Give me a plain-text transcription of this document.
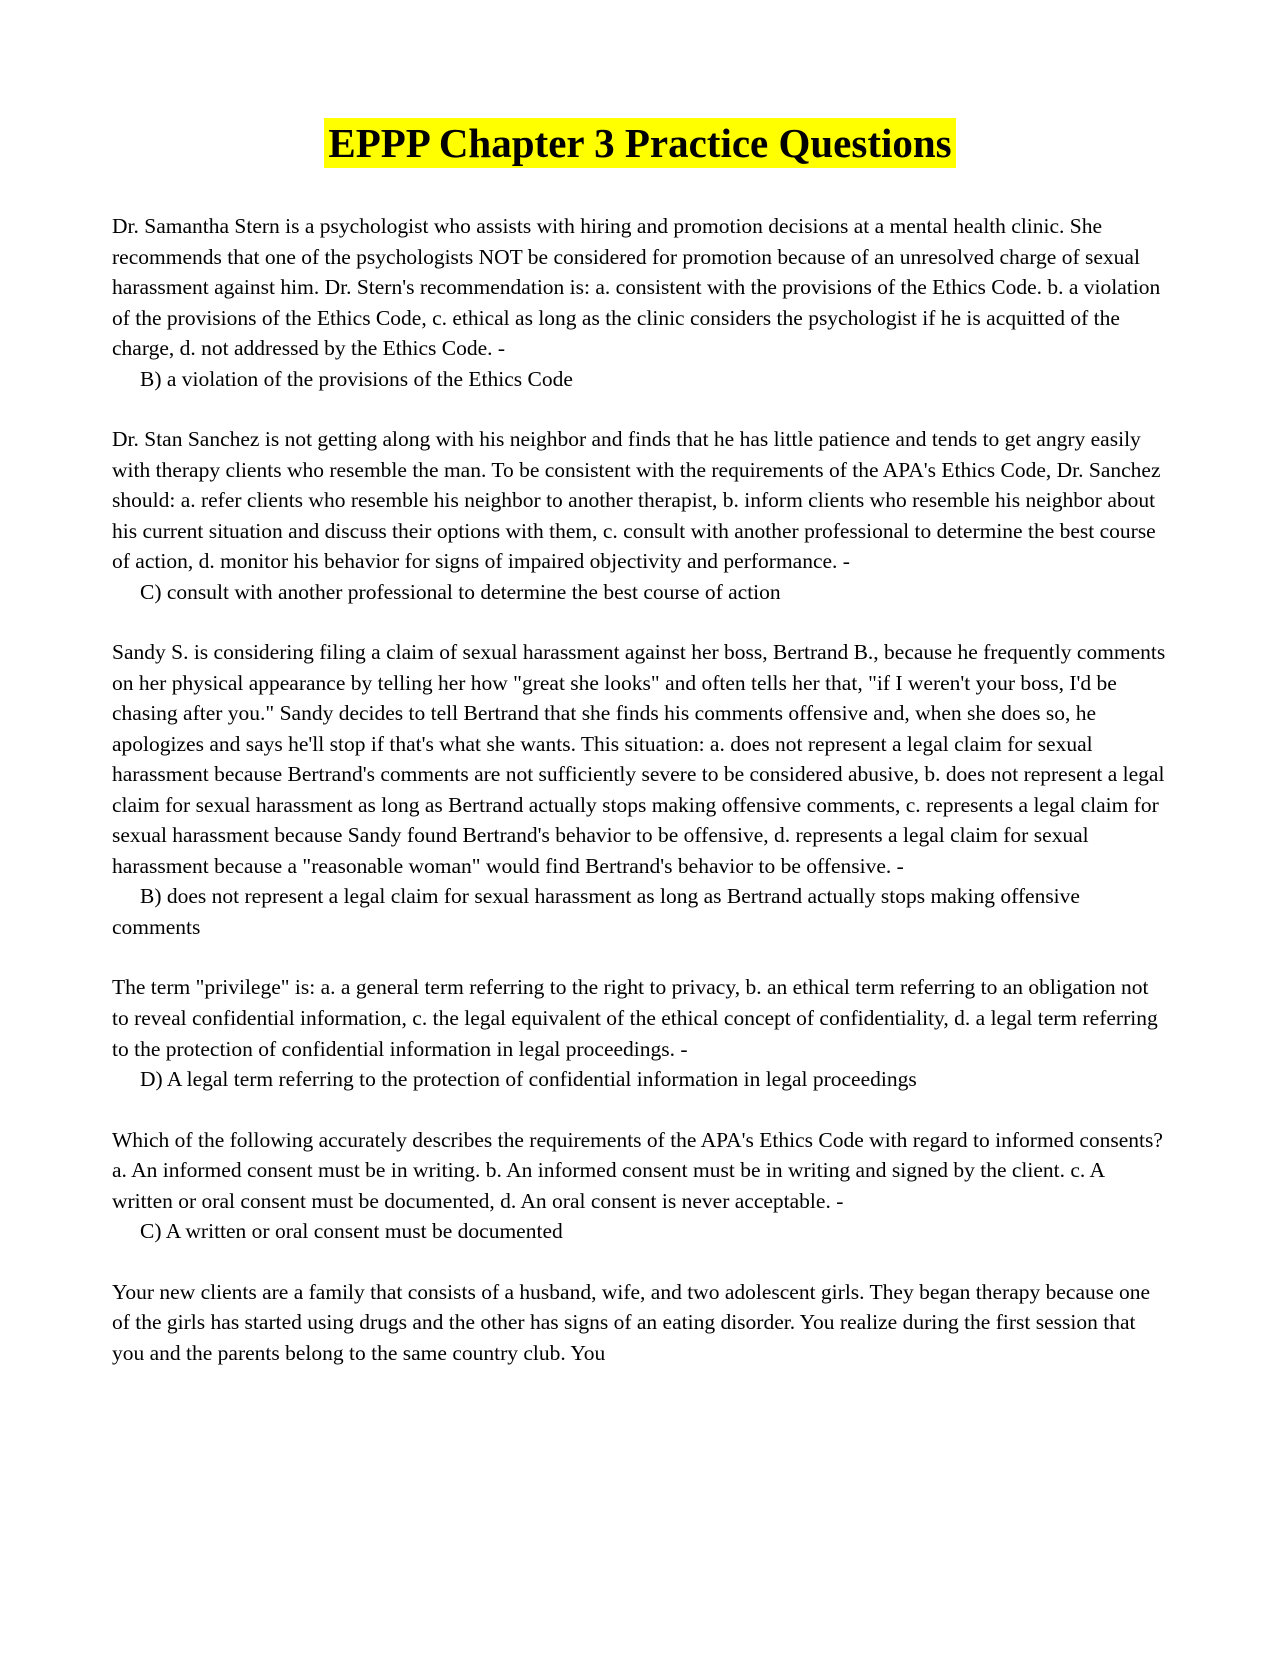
EPPP Chapter 3 Practice Questions

Dr. Samantha Stern is a psychologist who assists with hiring and promotion decisions at a mental health clinic. She recommends that one of the psychologists NOT be considered for promotion because of an unresolved charge of sexual harassment against him. Dr. Stern's recommendation is: a. consistent with the provisions of the Ethics Code. b. a violation of the provisions of the Ethics Code, c. ethical as long as the clinic considers the psychologist if he is acquitted of the charge, d. not addressed by the Ethics Code. -

B) a violation of the provisions of the Ethics Code

Dr. Stan Sanchez is not getting along with his neighbor and finds that he has little patience and tends to get angry easily with therapy clients who resemble the man. To be consistent with the requirements of the APA's Ethics Code, Dr. Sanchez should: a. refer clients who resemble his neighbor to another therapist, b. inform clients who resemble his neighbor about his current situation and discuss their options with them, c. consult with another professional to determine the best course of action, d. monitor his behavior for signs of impaired objectivity and performance. -

C) consult with another professional to determine the best course of action

Sandy S. is considering filing a claim of sexual harassment against her boss, Bertrand B., because he frequently comments on her physical appearance by telling her how "great she looks" and often tells her that, "if I weren't your boss, I'd be chasing after you." Sandy decides to tell Bertrand that she finds his comments offensive and, when she does so, he apologizes and says he'll stop if that's what she wants. This situation: a. does not represent a legal claim for sexual harassment because Bertrand's comments are not sufficiently severe to be considered abusive, b. does not represent a legal claim for sexual harassment as long as Bertrand actually stops making offensive comments, c. represents a legal claim for sexual harassment because Sandy found Bertrand's behavior to be offensive, d. represents a legal claim for sexual harassment because a "reasonable woman" would find Bertrand's behavior to be offensive. -

B) does not represent a legal claim for sexual harassment as long as Bertrand actually stops making offensive comments

The term "privilege" is: a. a general term referring to the right to privacy, b. an ethical term referring to an obligation not to reveal confidential information, c. the legal equivalent of the ethical concept of confidentiality, d. a legal term referring to the protection of confidential information in legal proceedings. -

D) A legal term referring to the protection of confidential information in legal proceedings

Which of the following accurately describes the requirements of the APA's Ethics Code with regard to informed consents? a. An informed consent must be in writing. b. An informed consent must be in writing and signed by the client. c. A written or oral consent must be documented, d. An oral consent is never acceptable. -

C) A written or oral consent must be documented

Your new clients are a family that consists of a husband, wife, and two adolescent girls. They began therapy because one of the girls has started using drugs and the other has signs of an eating disorder. You realize during the first session that you and the parents belong to the same country club. You
